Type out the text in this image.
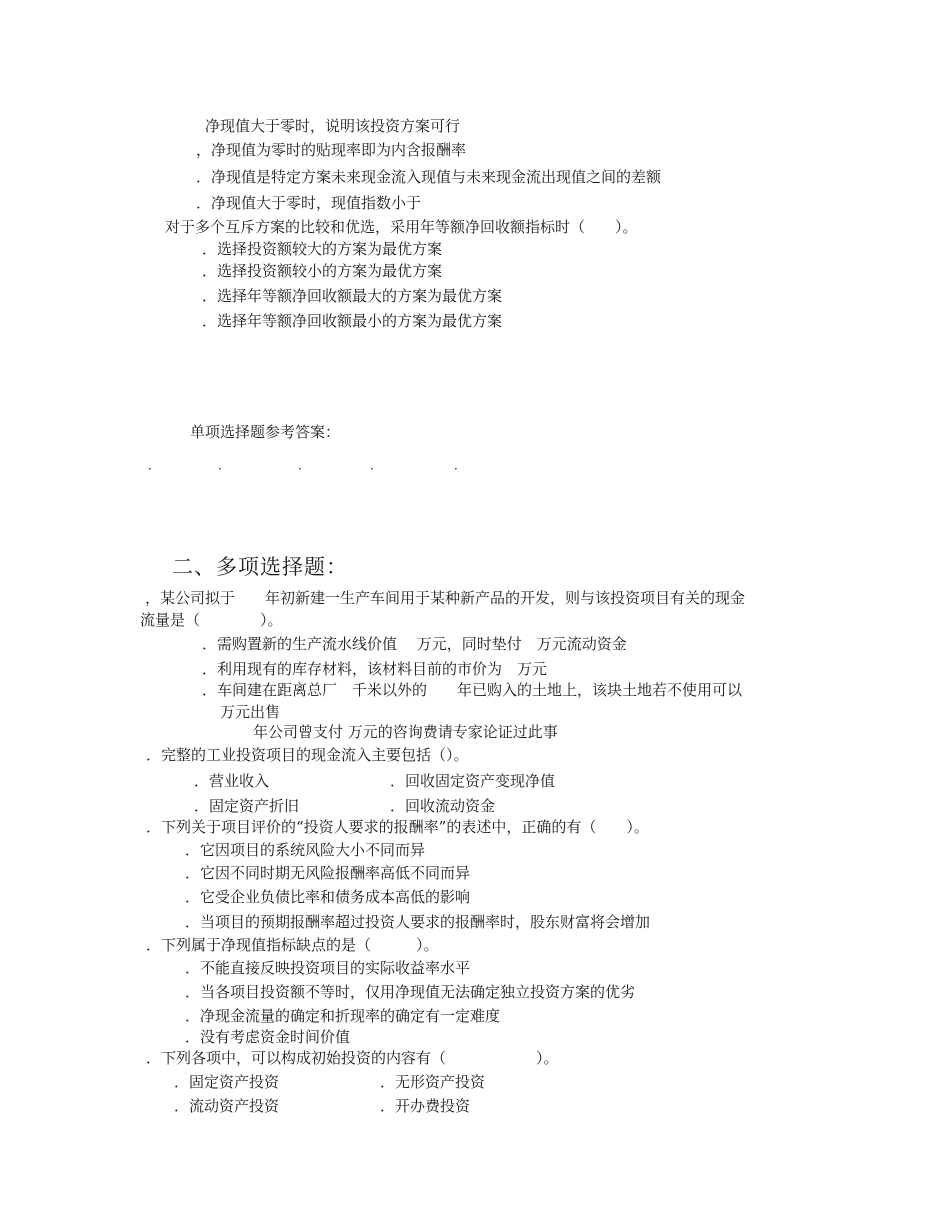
净现值大于零时，说明该投资方案可行
，净现值为零时的贴现率即为内含报酬率
．净现值是特定方案未来现金流入现值与未来现金流出现值之间的差额
．净现值大于零时，现值指数小于
对于多个互斥方案的比较和优选，采用年等额净回收额指标时（　　）。
．选择投资额较大的方案为最优方案
．选择投资额较小的方案为最优方案
．选择年等额净回收额最大的方案为最优方案
．选择年等额净回收额最小的方案为最优方案
单项选择题参考答案：
．	．	．	．	．
二、多项选择题：
，某公司拟于　　年初新建一生产车间用于某种新产品的开发，则与该投资项目有关的现金
流量是（　　　　）。
．需购置新的生产流水线价值　 万元，同时垫付　万元流动资金
．利用现有的库存材料，该材料目前的市价为　万元
．车间建在距离总厂　千米以外的　　年已购入的土地上，该块土地若不使用可以
万元出售
年公司曾支付 万元的咨询费请专家论证过此事
．完整的工业投资项目的现金流入主要包括（）。
．营业收入	．回收固定资产变现净值
．固定资产折旧	．回收流动资金
．下列关于项目评价的“投资人要求的报酬率”的表述中，正确的有（　　）。
．它因项目的系统风险大小不同而异
．它因不同时期无风险报酬率高低不同而异
．它受企业负债比率和债务成本高低的影响
．当项目的预期报酬率超过投资人要求的报酬率时，股东财富将会增加
．下列属于净现值指标缺点的是（　　　）。
．不能直接反映投资项目的实际收益率水平
．当各项目投资额不等时，仅用净现值无法确定独立投资方案的优劣
．净现金流量的确定和折现率的确定有一定难度
．没有考虑资金时间价值
．下列各项中，可以构成初始投资的内容有（　　　　　　）。
．固定资产投资	．无形资产投资
．流动资产投资	．开办费投资
